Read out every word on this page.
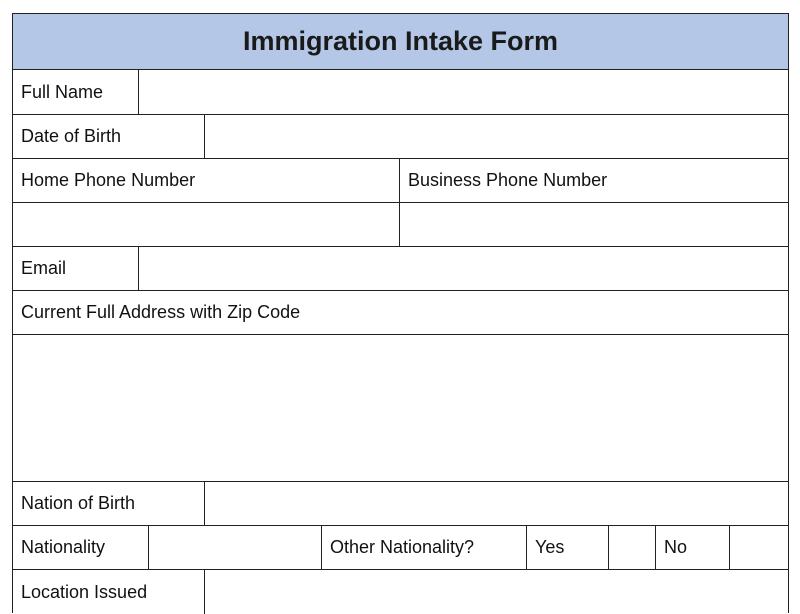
Immigration Intake Form
Full Name
Date of Birth
Home Phone Number	Business Phone Number
Email
Current Full Address with Zip Code
Nation of Birth
Nationality	Other Nationality?	Yes	No
Location Issued
